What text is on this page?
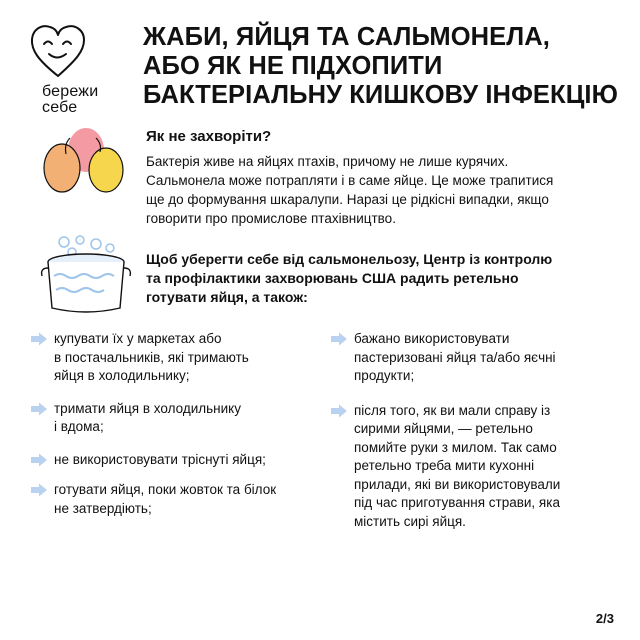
бережи
себе
ЖАБИ, ЯЙЦЯ ТА САЛЬМОНЕЛА,
АБО ЯК НЕ ПІДХОПИТИ
БАКТЕРІАЛЬНУ КИШКОВУ ІНФЕКЦІЮ
Як не захворіти?
Бактерія живе на яйцях птахів, причому не лише курячих.
Сальмонела може потрапляти і в саме яйце. Це може трапитися
ще до формування шкаралупи. Наразі це рідкісні випадки, якщо
говорити про промислове птахівництво.
Щоб уберегти себе від сальмонельозу, Центр із контролю
та профілактики захворювань США радить ретельно
готувати яйця, а також:
купувати їх у маркетах або
в постачальників, які тримають
яйця в холодильнику;
тримати яйця в холодильнику
і вдома;
не використовувати тріснуті яйця;
готувати яйця, поки жовток та білок
не затвердіють;
бажано використовувати
пастеризовані яйця та/або яєчні
продукти;
після того, як ви мали справу із
сирими яйцями, — ретельно
помийте руки з милом. Так само
ретельно треба мити кухонні
прилади, які ви використовували
під час приготування страви, яка
містить сирі яйця.
2/3
